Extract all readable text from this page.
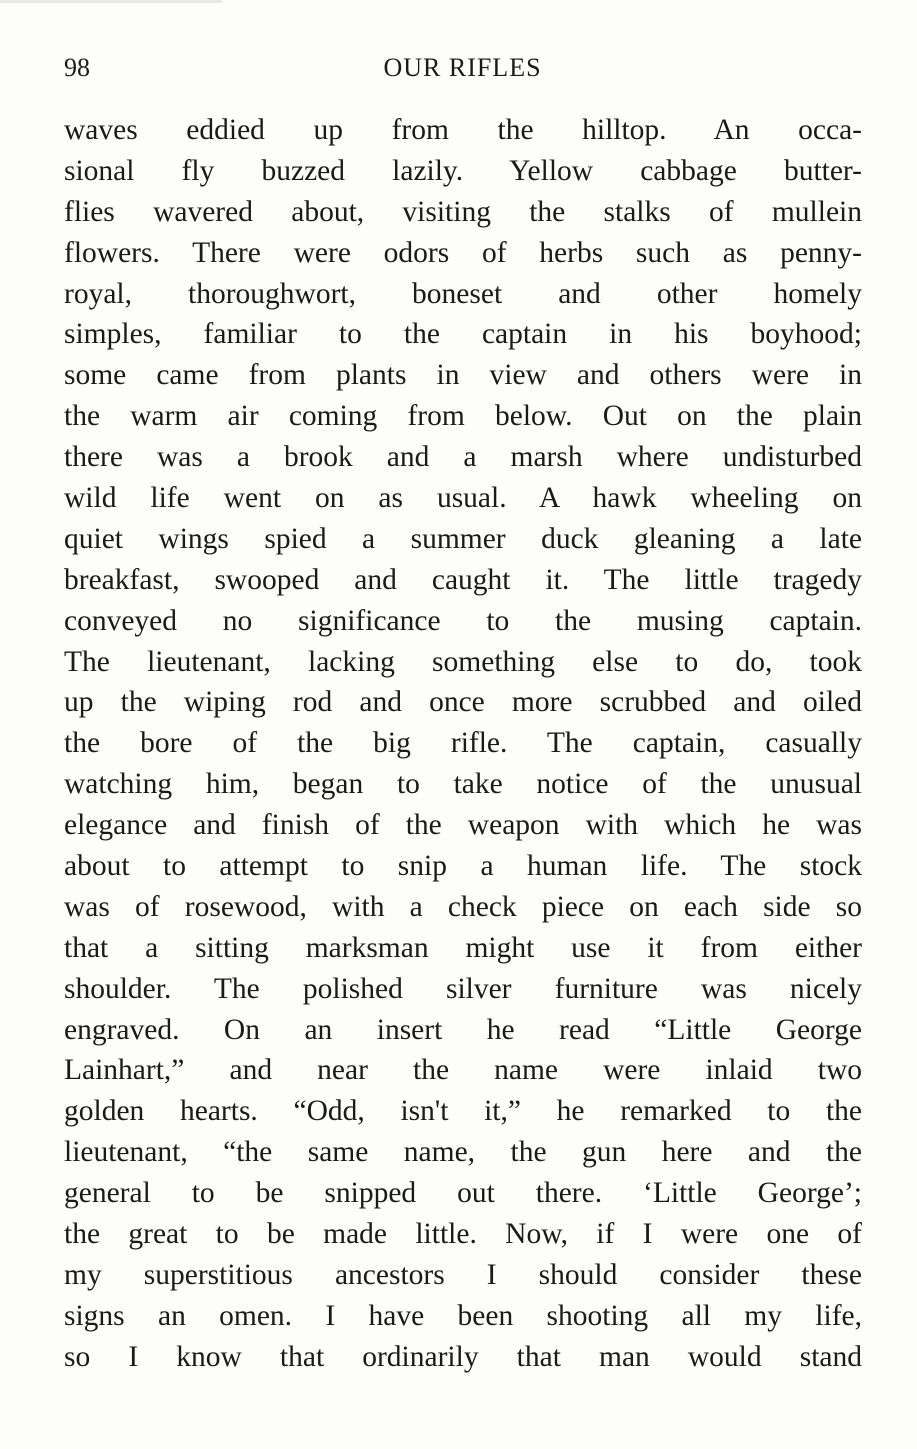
98	OUR RIFLES
waves eddied up from the hilltop. An occa-
sional fly buzzed lazily. Yellow cabbage butter-
flies wavered about, visiting the stalks of mullein
flowers. There were odors of herbs such as penny-
royal, thoroughwort, boneset and other homely
simples, familiar to the captain in his boyhood;
some came from plants in view and others were in
the warm air coming from below. Out on the plain
there was a brook and a marsh where undisturbed
wild life went on as usual. A hawk wheeling on
quiet wings spied a summer duck gleaning a late
breakfast, swooped and caught it. The little tragedy
conveyed no significance to the musing captain.
The lieutenant, lacking something else to do, took
up the wiping rod and once more scrubbed and oiled
the bore of the big rifle. The captain, casually
watching him, began to take notice of the unusual
elegance and finish of the weapon with which he was
about to attempt to snip a human life. The stock
was of rosewood, with a check piece on each side so
that a sitting marksman might use it from either
shoulder. The polished silver furniture was nicely
engraved. On an insert he read “Little George
Lainhart,” and near the name were inlaid two
golden hearts. “Odd, isn't it,” he remarked to the
lieutenant, “the same name, the gun here and the
general to be snipped out there. ‘Little George’;
the great to be made little. Now, if I were one of
my superstitious ancestors I should consider these
signs an omen. I have been shooting all my life,
so I know that ordinarily that man would stand
